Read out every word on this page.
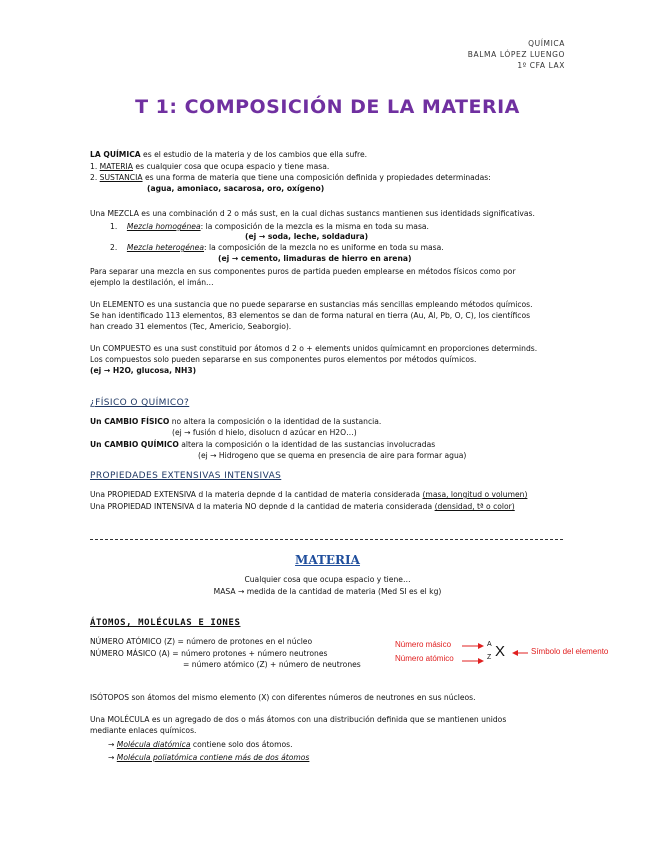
QUÍMICA
BALMA LÓPEZ LUENGO
1º CFA LAX
T 1: COMPOSICIÓN DE LA MATERIA
LA QUÍMICA es el estudio de la materia y de los cambios que ella sufre.
1. MATERIA es cualquier cosa que ocupa espacio y tiene masa.
2. SUSTANCIA es una forma de materia que tiene una composición definida y propiedades determinadas:
(agua, amoniaco, sacarosa, oro, oxígeno)
Una MEZCLA es una combinación d 2 o más sust, en la cual dichas sustancs mantienen sus identidads significativas.
1. Mezcla homogénea: la composición de la mezcla es la misma en toda su masa.
(ej → soda, leche, soldadura)
2. Mezcla heterogénea: la composición de la mezcla no es uniforme en toda su masa.
(ej → cemento, limaduras de hierro en arena)
Para separar una mezcla en sus componentes puros de partida pueden emplearse en métodos físicos como por
ejemplo la destilación, el imán…
Un ELEMENTO es una sustancia que no puede separarse en sustancias más sencillas empleando métodos químicos.
Se han identificado 113 elementos, 83 elementos se dan de forma natural en tierra (Au, Al, Pb, O, C), los científicos
han creado 31 elementos (Tec, Americio, Seaborgio).
Un COMPUESTO es una sust constituid por átomos d 2 o + elements unidos químicamnt en proporciones determinds.
Los compuestos solo pueden separarse en sus componentes puros elementos por métodos químicos.
(ej → H2O, glucosa, NH3)
¿FÍSICO O QUÍMICO?
Un CAMBIO FÍSICO no altera la composición o la identidad de la sustancia.
(ej → fusión d hielo, disolucn d azúcar en H2O…)
Un CAMBIO QUÍMICO altera la composición o la identidad de las sustancias involucradas
(ej → Hidrogeno que se quema en presencia de aire para formar agua)
PROPIEDADES EXTENSIVAS INTENSIVAS
Una PROPIEDAD EXTENSIVA d la materia depnde d la cantidad de materia considerada (masa, longitud o volumen)
Una PROPIEDAD INTENSIVA d la materia NO depnde d la cantidad de materia considerada (densidad, tª o color)
MATERIA
Cualquier cosa que ocupa espacio y tiene…
MASA → medida de la cantidad de materia (Med SI es el kg)
ÁTOMOS, MOLÉCULAS E IONES
NÚMERO ATÓMICO (Z) = número de protones en el núcleo
NÚMERO MÁSICO (A) = número protones + número neutrones
= número atómico (Z) + número de neutrones
Número másico
Número atómico
A
Z X	Símbolo del elemento
ISÓTOPOS son átomos del mismo elemento (X) con diferentes números de neutrones en sus núcleos.
Una MOLÉCULA es un agregado de dos o más átomos con una distribución definida que se mantienen unidos
mediante enlaces químicos.
→ Molécula diatómica contiene solo dos átomos.
→ Molécula poliatómica contiene más de dos átomos
